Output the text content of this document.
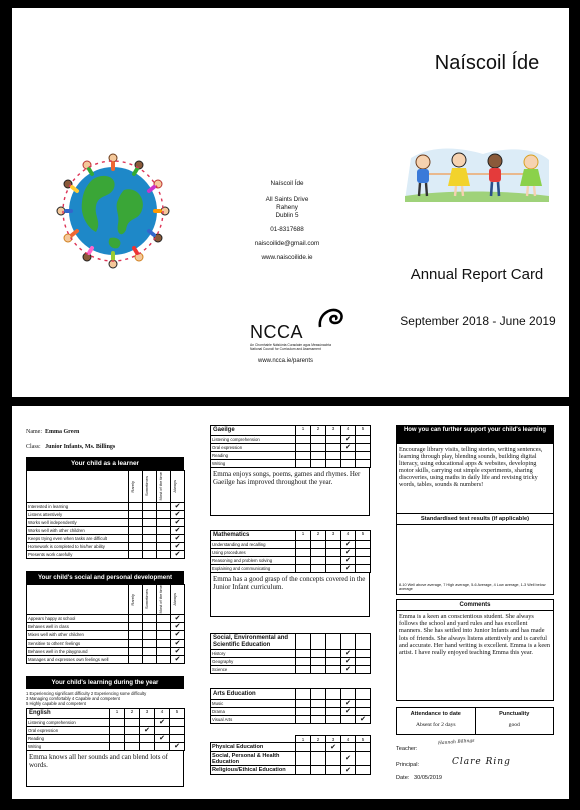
Naíscoil Íde
All Saints Drive
Raheny
Dublin 5
01-8317688
naiscoilide@gmail.com
www.naiscoilide.ie
NCCA
An Chomhairle Náisiúnta Curaclaim agus Measúnachta
National Council for Curriculum and Assessment
www.ncca.ie/parents
Naíscoil Íde
Annual Report Card
September 2018 - June 2019
Name: Emma Green
Class: Junior Infants, Ms. Billings
Your child as a learner

	Rarely	Sometimes	Most of the time	Always

Interested in learning				✔
Listens attentively				✔
Works well independently				✔
Works well with other children				✔
Keeps trying even when tasks are difficult				✔
Homework is completed to his/her ability				✔
Presents work carefully				✔
Your child's social and personal development

	Rarely	Sometimes	Most of the time	Always

Appears happy at school				✔
Behaves well in class				✔
Mixes well with other children				✔
Sensitive to others' feelings				✔
Behaves well in the playground				✔
Manages and expresses own feelings well				✔
Your child's learning during the year
1 Experiencing significant difficulty 2 Experiencing some difficulty
3 Managing comfortably 4 Capable and competent
5 Highly capable and competent
English	1	2	3	4	5
Listening comprehension				✔	
Oral expression			✔		
Reading				✔	
Writing					✔
Emma knows all her sounds and can blend lots of words.
Gaeilge	1	2	3	4	5
Listening comprehension				✔	
Oral expression				✔	
Reading					
Writing					
Emma enjoys songs, poems, games and rhymes. Her Gaeilge has improved throughout the year.
Mathematics	1	2	3	4	5
Understanding and recalling				✔	
Using procedures				✔	
Reasoning and problem solving				✔	
Explaining and communicating				✔	
Emma has a good grasp of the concepts covered in the Junior Infant curriculum.
Social, Environmental and Scientific Education					
History				✔	
Geography				✔	
Science				✔	
Arts Education					
Music				✔	
Drama				✔	
Visual Arts					✔
	1	2	3	4	5
Physical Education			✔		
Social, Personal & Health Education				✔	
Religious/Ethical Education				✔	
How you can further support your child's learning
Encourage library visits, telling stories, writing sentences, learning through play, blending sounds, building digital literacy, using educational apps & websites, developing motor skills, carrying out simple experiments, sharing discoveries, using maths in daily life and revising tricky words, tables, sounds & numbers!
Standardised test results (if applicable)
8-10 Well above average, 7 High average, 5-6 Average, 4 Low average, 1-3 Well below average
Comments
Emma is a keen an conscientious student. She always follows the school and yard rules and has excellent manners. She has settled into Junior Infants and has made lots of friends. She always listens attentively and is careful and accurate. Her hand writing is excellent. Emma is a keen artist. I have really enjoyed teaching Emma this year.
Attendance to date
Absent for 2 days
Punctuality
good
Teacher:
Hannah Billings
Principal:	Clare Ring
Date: 30/05/2019
